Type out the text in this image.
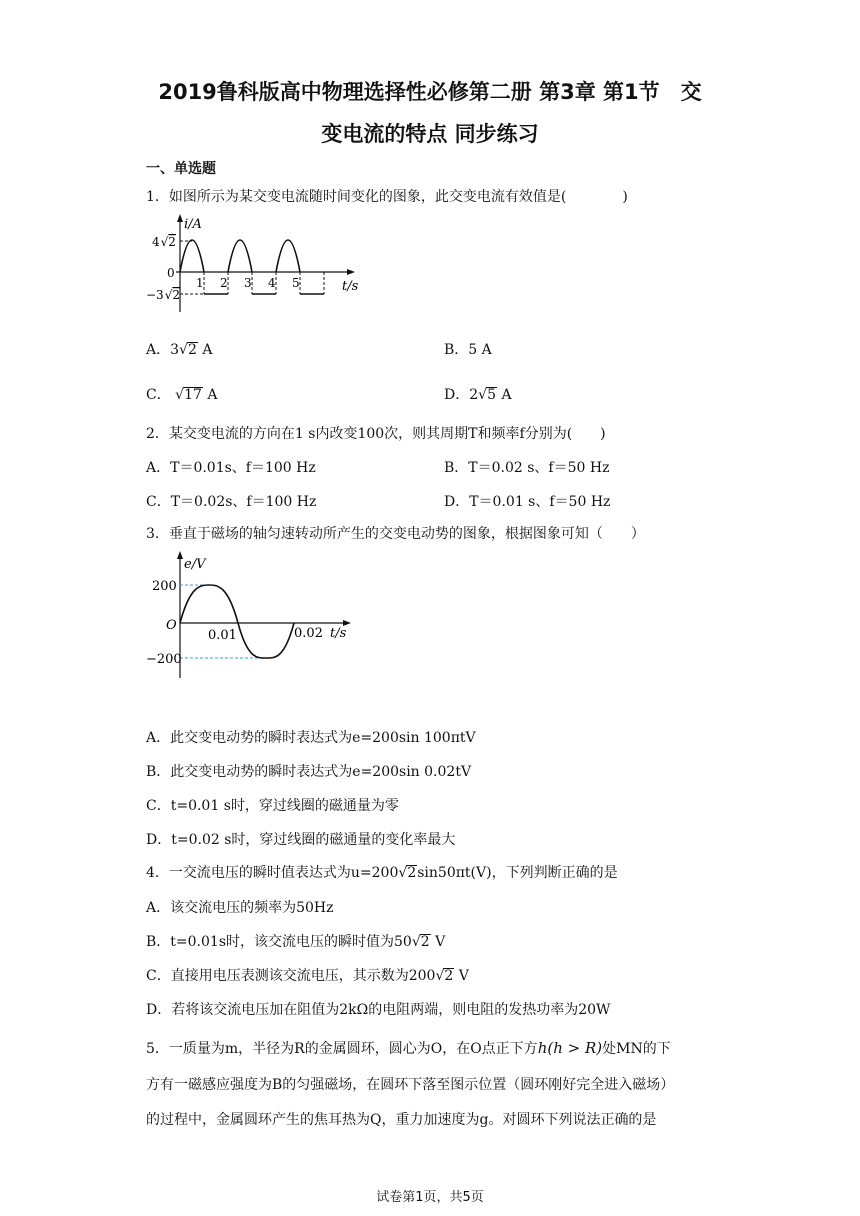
2019鲁科版高中物理选择性必修第二册 第3章 第1节　交
变电流的特点 同步练习
一、单选题
1．如图所示为某交变电流随时间变化的图象，此交变电流有效值是(　　　　)
i/A
4√2
0
−3√2
1 2 3 4 5	t/s
A．3√2 A	B．5 A
C． √17 A	D．2√5 A
2．某交变电流的方向在1 s内改变100次，则其周期T和频率f分别为(　　)
A．T＝0.01s、f＝100 Hz	B．T＝0.02 s、f＝50 Hz
C．T＝0.02s、f＝100 Hz	D．T＝0.01 s、f＝50 Hz
3．垂直于磁场的轴匀速转动所产生的交变电动势的图象，根据图象可知（　　）
e/V
200
O
−200
0.01	0.02 t/s
A．此交变电动势的瞬时表达式为e=200sin 100πtV
B．此交变电动势的瞬时表达式为e=200sin 0.02tV
C．t=0.01 s时，穿过线圈的磁通量为零
D．t=0.02 s时，穿过线圈的磁通量的变化率最大
4．一交流电压的瞬时值表达式为u=200√2sin50πt(V)，下列判断正确的是
A．该交流电压的频率为50Hz
B．t=0.01s时，该交流电压的瞬时值为50√2 V
C．直接用电压表测该交流电压，其示数为200√2 V
D．若将该交流电压加在阻值为2kΩ的电阻两端，则电阻的发热功率为20W
5．一质量为m，半径为R的金属圆环，圆心为O，在O点正下方h(h > R)处MN的下
方有一磁感应强度为B的匀强磁场，在圆环下落至图示位置（圆环刚好完全进入磁场）
的过程中，金属圆环产生的焦耳热为Q，重力加速度为g。对圆环下列说法正确的是
试卷第1页，共5页
